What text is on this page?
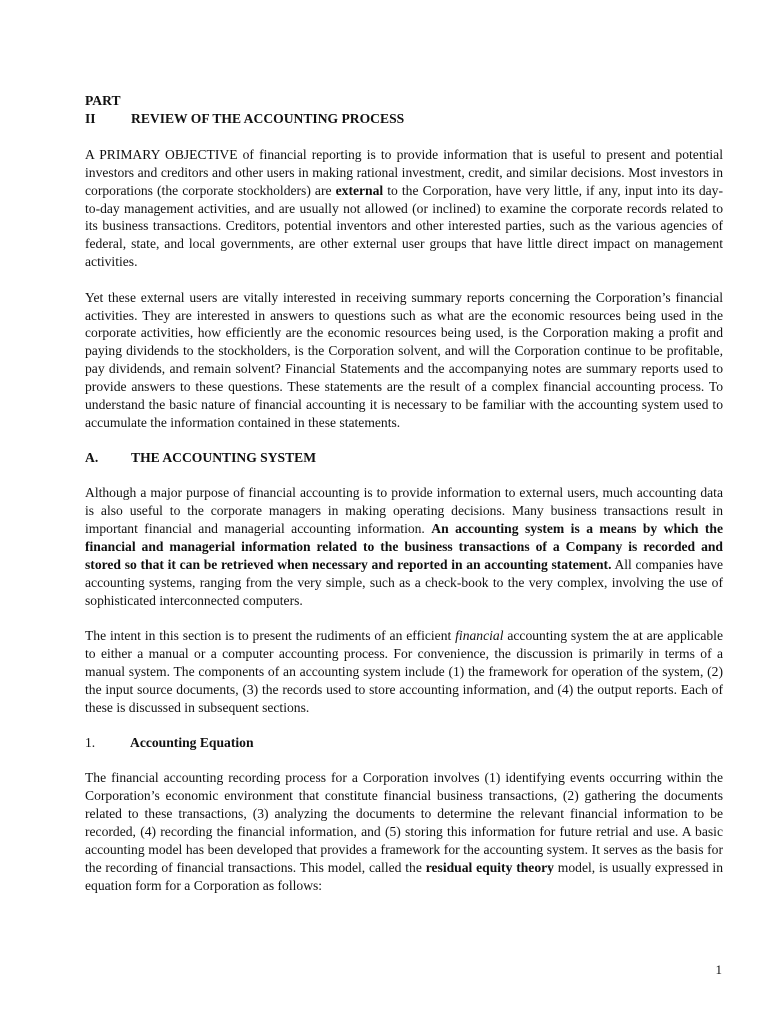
PART II	REVIEW OF THE ACCOUNTING PROCESS

A PRIMARY OBJECTIVE of financial reporting is to provide information that is useful to present and potential investors and creditors and other users in making rational investment, credit, and similar decisions. Most investors in corporations (the corporate stockholders) are external to the Corporation, have very little, if any, input into its day-to-day management activities, and are usually not allowed (or inclined) to examine the corporate records related to its business transactions. Creditors, potential inventors and other interested parties, such as the various agencies of federal, state, and local governments, are other external user groups that have little direct impact on management activities.

Yet these external users are vitally interested in receiving summary reports concerning the Corporation’s financial activities. They are interested in answers to questions such as what are the economic resources being used in the corporate activities, how efficiently are the economic resources being used, is the Corporation making a profit and paying dividends to the stockholders, is the Corporation solvent, and will the Corporation continue to be profitable, pay dividends, and remain solvent? Financial Statements and the accompanying notes are summary reports used to provide answers to these questions. These statements are the result of a complex financial accounting process. To understand the basic nature of financial accounting it is necessary to be familiar with the accounting system used to accumulate the information contained in these statements.

A. THE ACCOUNTING SYSTEM

Although a major purpose of financial accounting is to provide information to external users, much accounting data is also useful to the corporate managers in making operating decisions. Many business transactions result in important financial and managerial accounting information. An accounting system is a means by which the financial and managerial information related to the business transactions of a Company is recorded and stored so that it can be retrieved when necessary and reported in an accounting statement. All companies have accounting systems, ranging from the very simple, such as a check-book to the very complex, involving the use of sophisticated interconnected computers.

The intent in this section is to present the rudiments of an efficient financial accounting system the at are applicable to either a manual or a computer accounting process. For convenience, the discussion is primarily in terms of a manual system. The components of an accounting system include (1) the framework for operation of the system, (2) the input source documents, (3) the records used to store accounting information, and (4) the output reports. Each of these is discussed in subsequent sections.

1.	Accounting Equation

The financial accounting recording process for a Corporation involves (1) identifying events occurring within the Corporation’s economic environment that constitute financial business transactions, (2) gathering the documents related to these transactions, (3) analyzing the documents to determine the relevant financial information to be recorded, (4) recording the financial information, and (5) storing this information for future retrial and use. A basic accounting model has been developed that provides a framework for the accounting system. It serves as the basis for the recording of financial transactions. This model, called the residual equity theory model, is usually expressed in equation form for a Corporation as follows:

1
